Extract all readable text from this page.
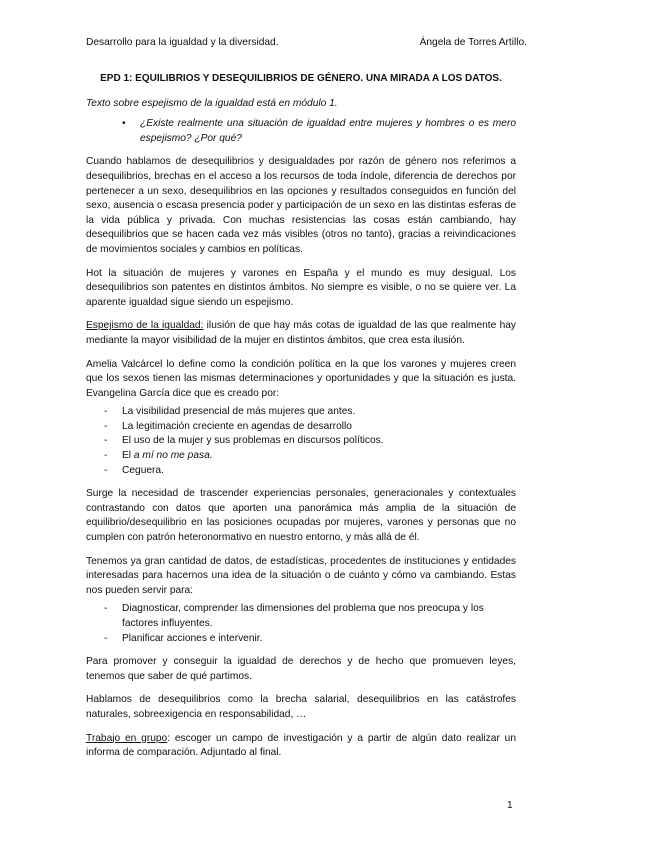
Desarrollo para la igualdad y la diversidad.	Ángela de Torres Artillo.
EPD 1: EQUILIBRIOS Y DESEQUILIBRIOS DE GÉNERO. UNA MIRADA A LOS DATOS.

Texto sobre espejismo de la igualdad está en módulo 1.

• ¿Existe realmente una situación de igualdad entre mujeres y hombres o es mero espejismo? ¿Por qué?

Cuando hablamos de desequilibrios y desigualdades por razón de género nos referimos a desequilibrios, brechas en el acceso a los recursos de toda índole, diferencia de derechos por pertenecer a un sexo, desequilibrios en las opciones y resultados conseguidos en función del sexo, ausencia o escasa presencia poder y participación de un sexo en las distintas esferas de la vida pública y privada. Con muchas resistencias las cosas están cambiando, hay desequilibrios que se hacen cada vez más visibles (otros no tanto), gracias a reivindicaciones de movimientos sociales y cambios en políticas.

Hot la situación de mujeres y varones en España y el mundo es muy desigual. Los desequilibrios son patentes en distintos ámbitos. No siempre es visible, o no se quiere ver. La aparente igualdad sigue siendo un espejismo.

Espejismo de la igualdad: ilusión de que hay más cotas de igualdad de las que realmente hay mediante la mayor visibilidad de la mujer en distintos ámbitos, que crea esta ilusión.

Amelia Valcárcel lo define como la condición política en la que los varones y mujeres creen que los sexos tienen las mismas determinaciones y oportunidades y que la situación es justa. Evangelina García dice que es creado por:

- La visibilidad presencial de más mujeres que antes.
- La legitimación creciente en agendas de desarrollo
- El uso de la mujer y sus problemas en discursos políticos.
- El a mí no me pasa.
- Ceguera.

Surge la necesidad de trascender experiencias personales, generacionales y contextuales contrastando con datos que aporten una panorámica más amplia de la situación de equilibrio/desequilibrio en las posiciones ocupadas por mujeres, varones y personas que no cumplen con patrón heteronormativo en nuestro entorno, y más allá de él.

Tenemos ya gran cantidad de datos, de estadísticas, procedentes de instituciones y entidades interesadas para hacernos una idea de la situación o de cuánto y cómo va cambiando. Estas nos pueden servir para:

- Diagnosticar, comprender las dimensiones del problema que nos preocupa y los factores influyentes.
- Planificar acciones e intervenir.

Para promover y conseguir la igualdad de derechos y de hecho que promueven leyes, tenemos que saber de qué partimos.

Hablamos de desequilibrios como la brecha salarial, desequilibrios en las catástrofes naturales, sobreexigencia en responsabilidad, …

Trabajo en grupo: escoger un campo de investigación y a partir de algún dato realizar un informa de comparación. Adjuntado al final.

1
